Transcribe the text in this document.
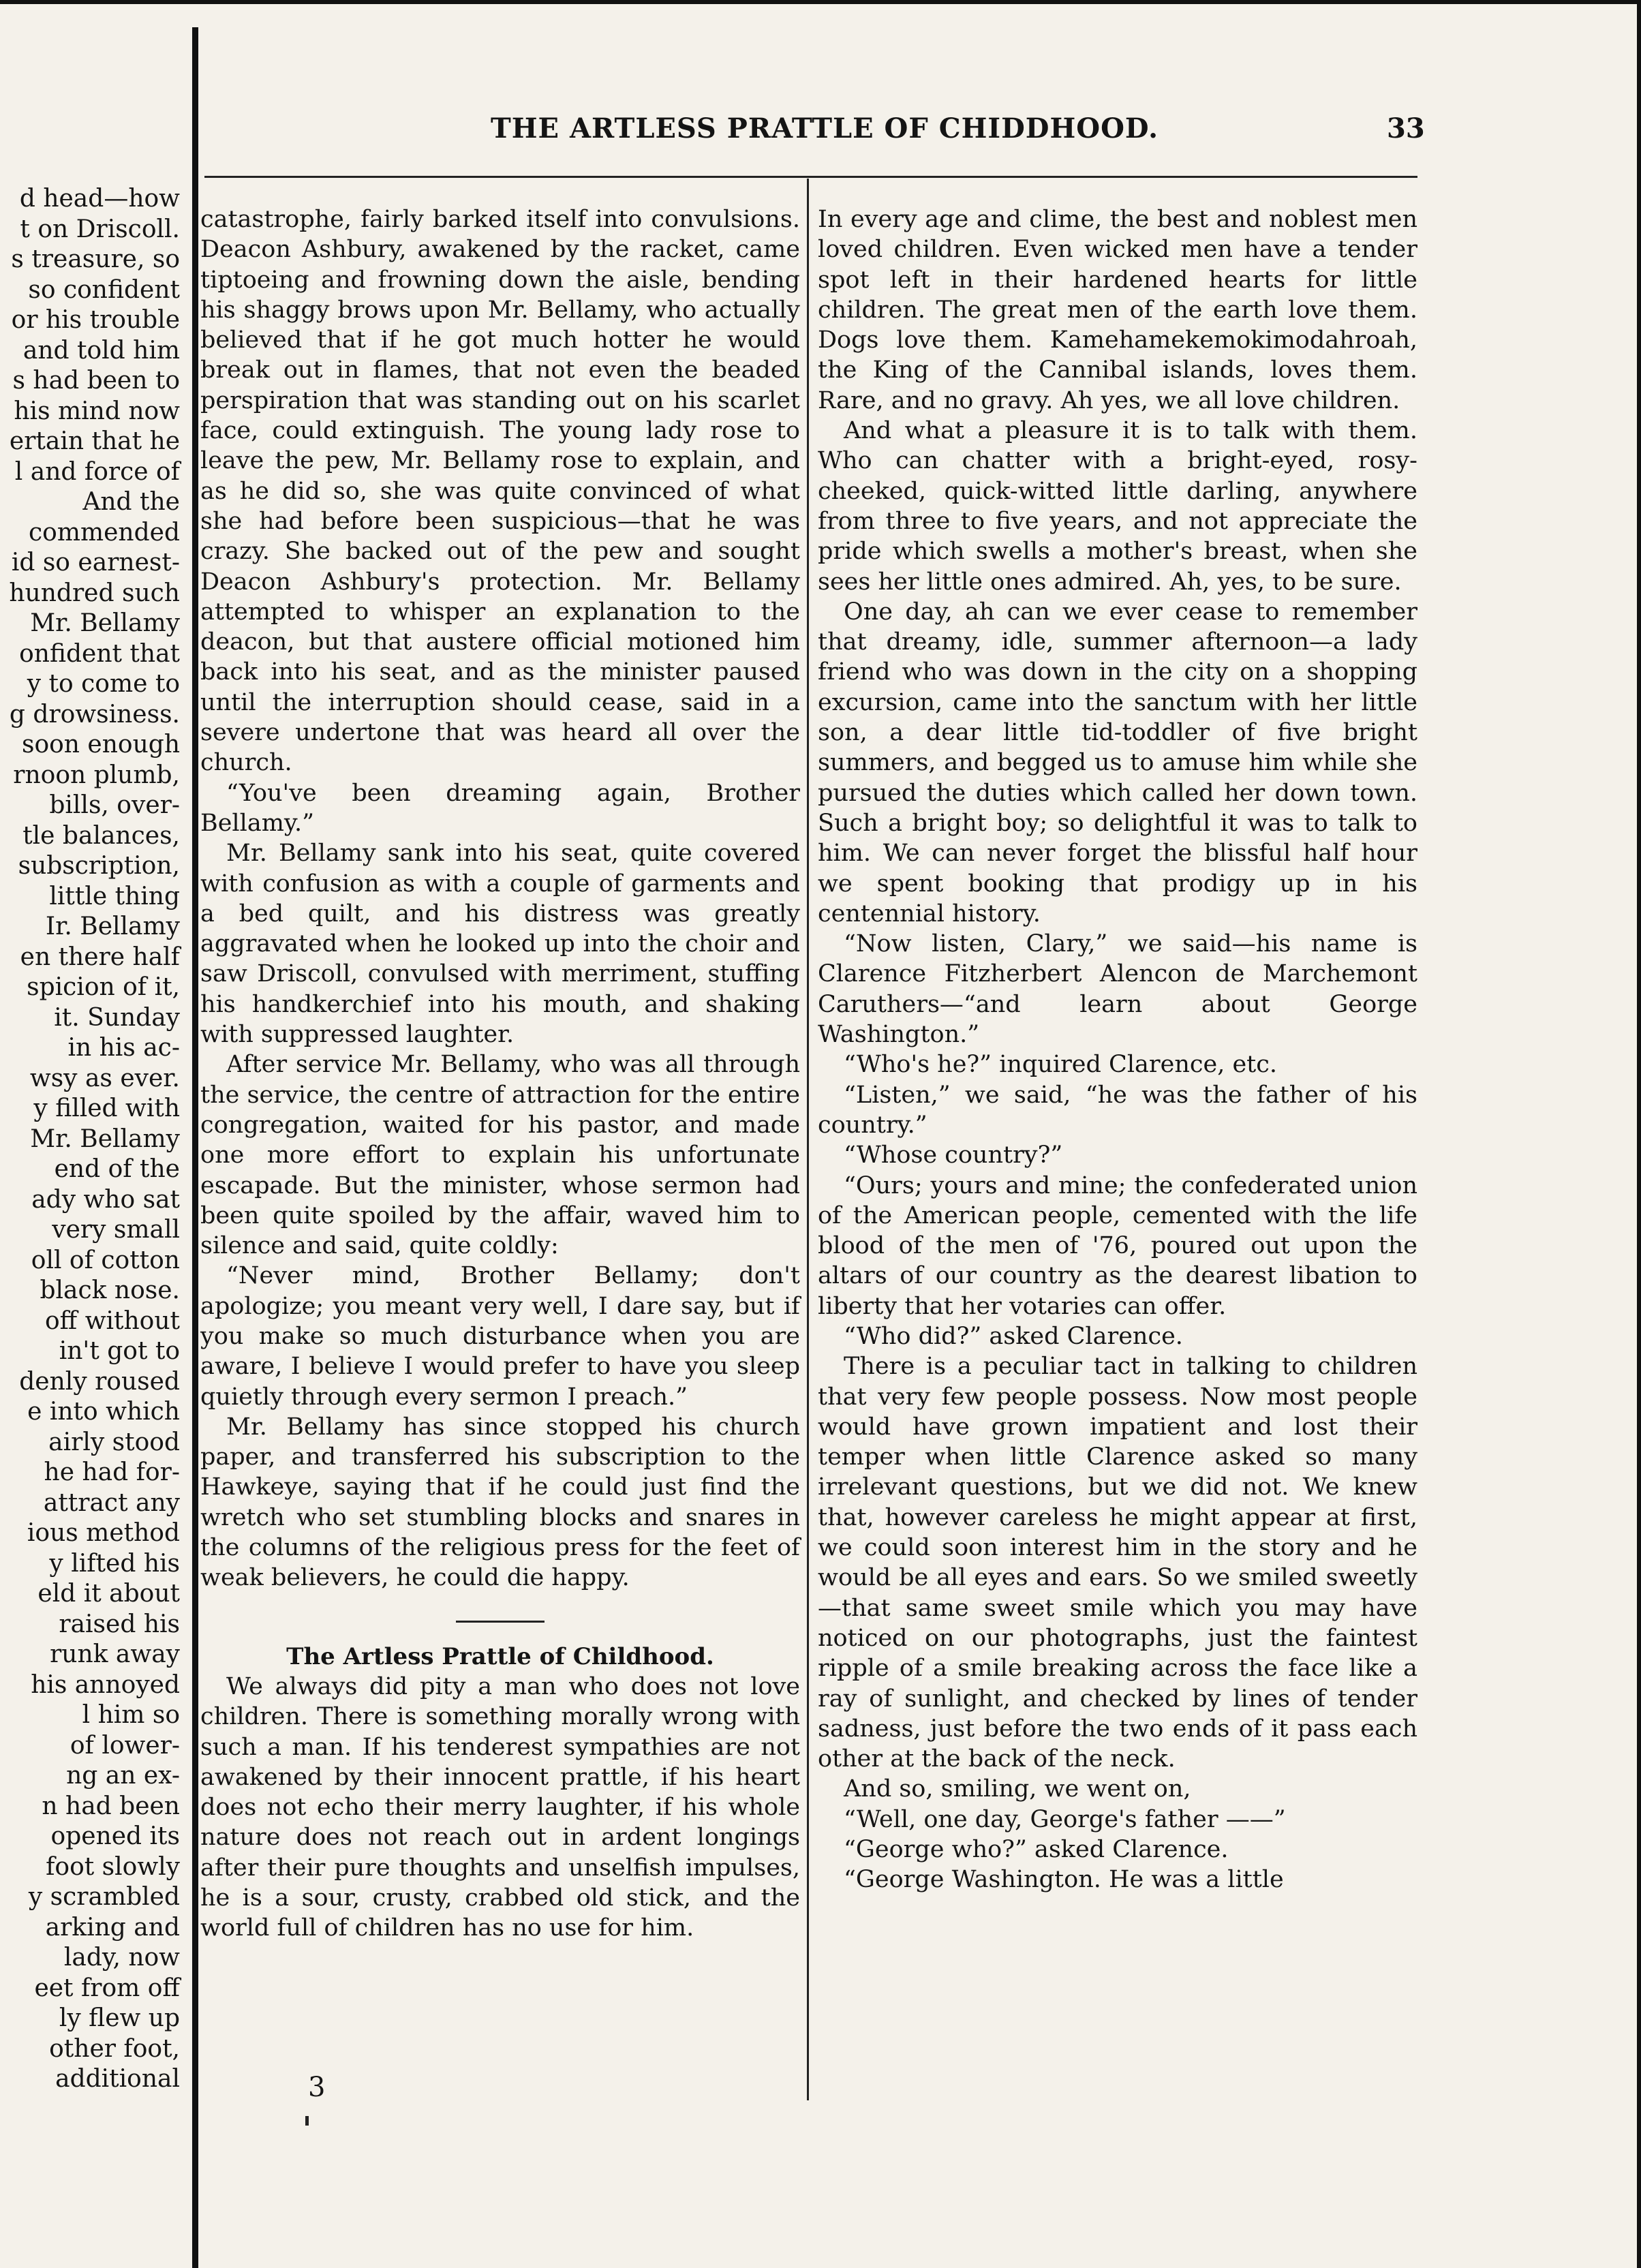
d head—how
t on Driscoll.
s treasure, so
so confident
or his trouble
and told him
s had been to
his mind now
ertain that he
l and force of
And the
commended
id so earnest-
hundred such
Mr. Bellamy
onfident that
y to come to
g drowsiness.
soon enough
rnoon plumb,
bills, over-
tle balances,
subscription,
little thing
Ir. Bellamy
en there half
spicion of it,
it. Sunday
in his ac-
wsy as ever.
y filled with
Mr. Bellamy
end of the
ady who sat
very small
oll of cotton
black nose.
off without
in't got to
denly roused
e into which
airly stood
he had for-
attract any
ious method
y lifted his
eld it about
raised his
runk away
his annoyed
l him so
of lower-
ng an ex-
n had been
opened its
foot slowly
y scrambled
arking and
lady, now
eet from off
ly flew up
other foot,
additional
THE ARTLESS PRATTLE OF CHIDDHOOD.	33

catastrophe, fairly barked itself into convulsions. Deacon Ashbury, awakened by the racket, came tiptoeing and frowning down the aisle, bending his shaggy brows upon Mr. Bellamy, who actually believed that if he got much hotter he would break out in flames, that not even the beaded perspiration that was standing out on his scarlet face, could extinguish. The young lady rose to leave the pew, Mr. Bellamy rose to explain, and as he did so, she was quite convinced of what she had before been suspicious—that he was crazy. She backed out of the pew and sought Deacon Ashbury's protection. Mr. Bellamy attempted to whisper an explanation to the deacon, but that austere official motioned him back into his seat, and as the minister paused until the interruption should cease, said in a severe undertone that was heard all over the church.

“You've been dreaming again, Brother Bellamy.”

Mr. Bellamy sank into his seat, quite covered with confusion as with a couple of garments and a bed quilt, and his distress was greatly aggravated when he looked up into the choir and saw Driscoll, convulsed with merriment, stuffing his handkerchief into his mouth, and shaking with suppressed laughter.

After service Mr. Bellamy, who was all through the service, the centre of attraction for the entire congregation, waited for his pastor, and made one more effort to explain his unfortunate escapade. But the minister, whose sermon had been quite spoiled by the affair, waved him to silence and said, quite coldly:

“Never mind, Brother Bellamy; don't apologize; you meant very well, I dare say, but if you make so much disturbance when you are aware, I believe I would prefer to have you sleep quietly through every sermon I preach.”

Mr. Bellamy has since stopped his church paper, and transferred his subscription to the Hawkeye, saying that if he could just find the wretch who set stumbling blocks and snares in the columns of the religious press for the feet of weak believers, he could die happy.

The Artless Prattle of Childhood.

We always did pity a man who does not love children. There is something morally wrong with such a man. If his tenderest sympathies are not awakened by their innocent prattle, if his heart does not echo their merry laughter, if his whole nature does not reach out in ardent longings after their pure thoughts and unselfish impulses, he is a sour, crusty, crabbed old stick, and the world full of children has no use for him.

In every age and clime, the best and noblest men loved children. Even wicked men have a tender spot left in their hardened hearts for little children. The great men of the earth love them. Dogs love them. Kamehamekemokimodahroah, the King of the Cannibal islands, loves them. Rare, and no gravy. Ah yes, we all love children.

And what a pleasure it is to talk with them. Who can chatter with a bright-eyed, rosy-cheeked, quick-witted little darling, anywhere from three to five years, and not appreciate the pride which swells a mother's breast, when she sees her little ones admired. Ah, yes, to be sure.

One day, ah can we ever cease to remember that dreamy, idle, summer afternoon—a lady friend who was down in the city on a shopping excursion, came into the sanctum with her little son, a dear little tid-toddler of five bright summers, and begged us to amuse him while she pursued the duties which called her down town. Such a bright boy; so delightful it was to talk to him. We can never forget the blissful half hour we spent booking that prodigy up in his centennial history.

“Now listen, Clary,” we said—his name is Clarence Fitzherbert Alencon de Marchemont Caruthers—“and learn about George Washington.”

“Who's he?” inquired Clarence, etc.

“Listen,” we said, “he was the father of his country.”

“Whose country?”

“Ours; yours and mine; the confederated union of the American people, cemented with the life blood of the men of '76, poured out upon the altars of our country as the dearest libation to liberty that her votaries can offer.

“Who did?” asked Clarence.

There is a peculiar tact in talking to children that very few people possess. Now most people would have grown impatient and lost their temper when little Clarence asked so many irrelevant questions, but we did not. We knew that, however careless he might appear at first, we could soon interest him in the story and he would be all eyes and ears. So we smiled sweetly—that same sweet smile which you may have noticed on our photographs, just the faintest ripple of a smile breaking across the face like a ray of sunlight, and checked by lines of tender sadness, just before the two ends of it pass each other at the back of the neck.

And so, smiling, we went on,

“Well, one day, George's father ——”

“George who?” asked Clarence.

“George Washington. He was a little

3
